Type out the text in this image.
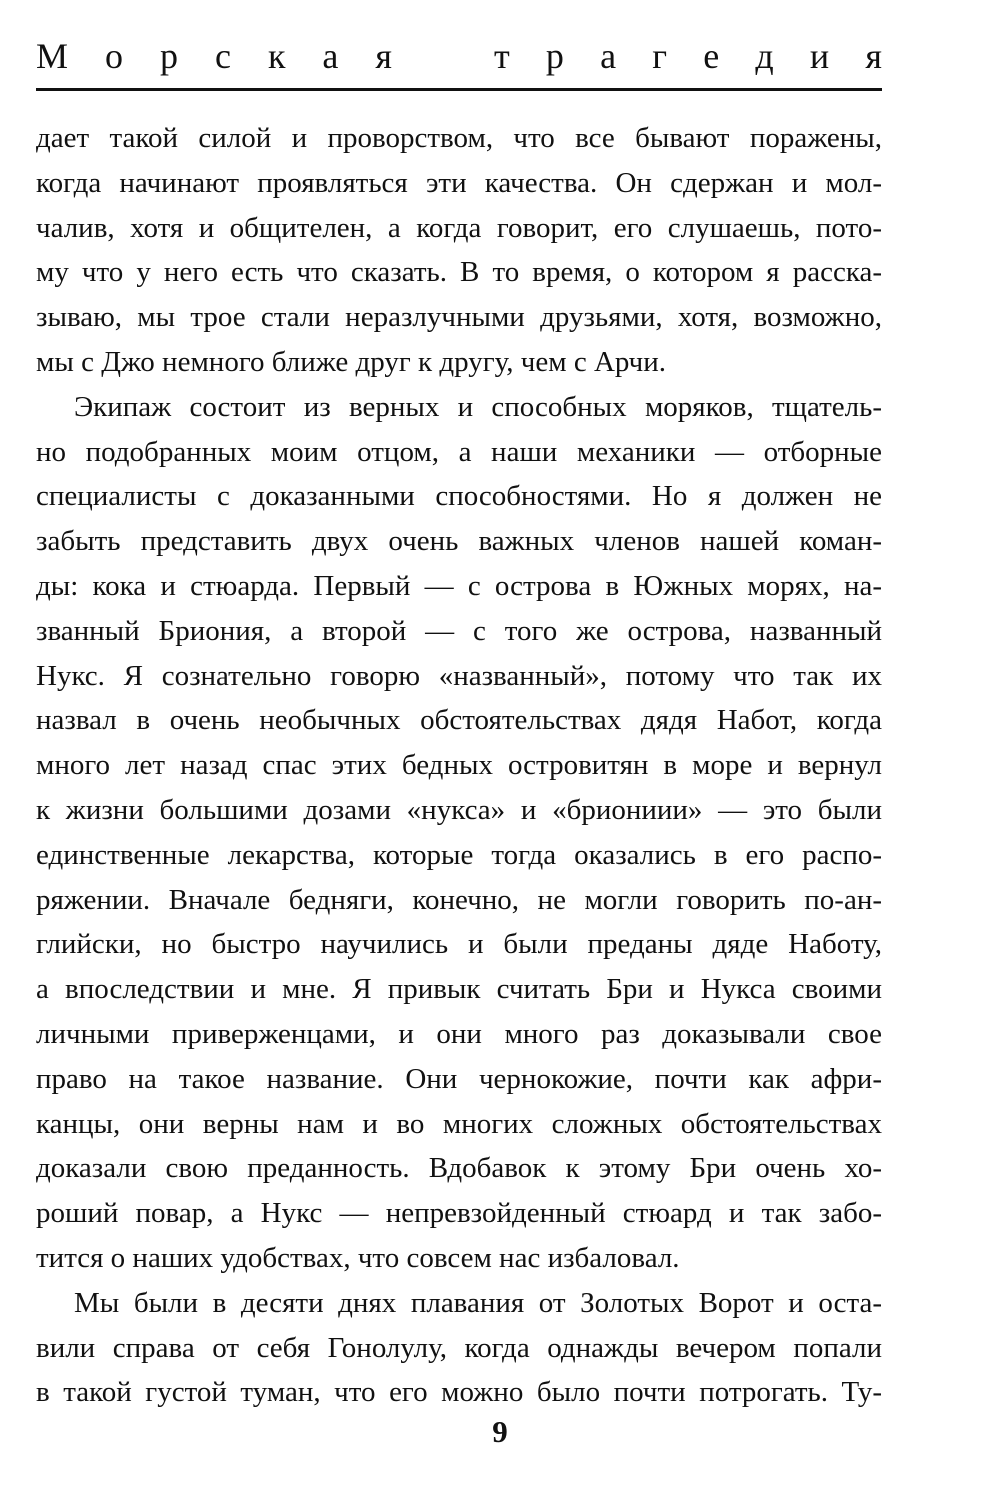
М о р с к а я	т р а г е д и я
дает такой силой и проворством, что все бывают поражены,
когда начинают проявляться эти качества. Он сдержан и мол-
чалив, хотя и общителен, а когда говорит, его слушаешь, пото-
му что у него есть что сказать. В то время, о котором я расска-
зываю, мы трое стали неразлучными друзьями, хотя, возможно,
мы с Джо немного ближе друг к другу, чем с Арчи.
Экипаж состоит из верных и способных моряков, тщатель-
но подобранных моим отцом, а наши механики — отборные
специалисты с доказанными способностями. Но я должен не
забыть представить двух очень важных членов нашей коман-
ды: кока и стюарда. Первый — с острова в Южных морях, на-
званный Бриония, а второй — с того же острова, названный
Нукс. Я сознательно говорю «названный», потому что так их
назвал в очень необычных обстоятельствах дядя Набот, когда
много лет назад спас этих бедных островитян в море и вернул
к жизни большими дозами «нукса» и «бриониии» — это были
единственные лекарства, которые тогда оказались в его распо-
ряжении. Вначале бедняги, конечно, не могли говорить по-ан-
глийски, но быстро научились и были преданы дяде Наботу,
а впоследствии и мне. Я привык считать Бри и Нукса своими
личными приверженцами, и они много раз доказывали свое
право на такое название. Они чернокожие, почти как афри-
канцы, они верны нам и во многих сложных обстоятельствах
доказали свою преданность. Вдобавок к этому Бри очень хо-
роший повар, а Нукс — непревзойденный стюард и так забо-
тится о наших удобствах, что совсем нас избаловал.
Мы были в десяти днях плавания от Золотых Ворот и оста-
вили справа от себя Гонолулу, когда однажды вечером попали
в такой густой туман, что его можно было почти потрогать. Ту-
9
